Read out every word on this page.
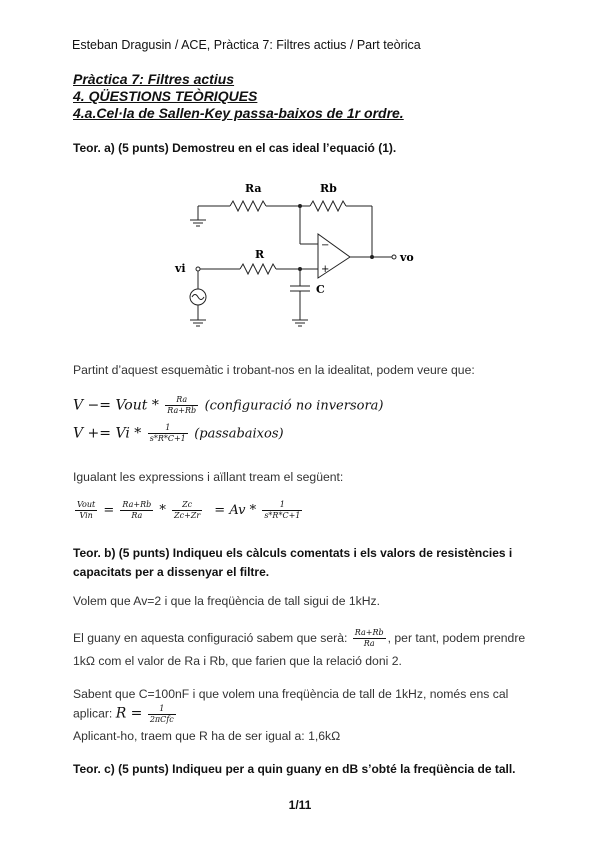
Esteban Dragusin / ACE, Pràctica 7: Filtres actius / Part teòrica
Pràctica 7: Filtres actius
4. QÜESTIONS TEÒRIQUES
4.a.Cel·la de Sallen-Key passa-baixos de 1r ordre.
Teor. a) (5 punts) Demostreu en el cas ideal l’equació (1).
Ra	Rb
R
C
vi
vo
−
+
Partint d’aquest esquemàtic i trobant-nos en la idealitat, podem veure que:
V −= Vout * $\frac{Ra}{Ra+Rb}$ (configuració no inversora)
$V += Vi * \frac{1}{s*R*C+1}$ (passabaixos)
Igualant les expressions i aïllant tream el següent:
$\frac{\text{Vout}}{\text{Vin}} = \frac{Ra+Rb}{Ra} * \frac{Zc}{Zc+Zr} = Av * \frac{1}{s*R*C+1}$
Teor. b) (5 punts) Indiqueu els càlculs comentats i els valors de resistències i capacitats per a dissenyar el filtre.
Volem que Av=2 i que la freqüència de tall sigui de 1kHz.
El guany en aquesta configuració sabem que serà: $\frac{Ra+Rb}{Ra}$ , per tant, podem prendre
1kΩ com el valor de Ra i Rb, que farien que la relació doni 2.
Sabent que C=100nF i que volem una freqüència de tall de 1kHz, només ens cal
aplicar: $R = \frac{1}{\text{2πCfc}}$
Aplicant-ho, traem que R ha de ser igual a: 1,6kΩ
Teor. c) (5 punts) Indiqueu per a quin guany en dB s’obté la freqüència de tall.
1/11
